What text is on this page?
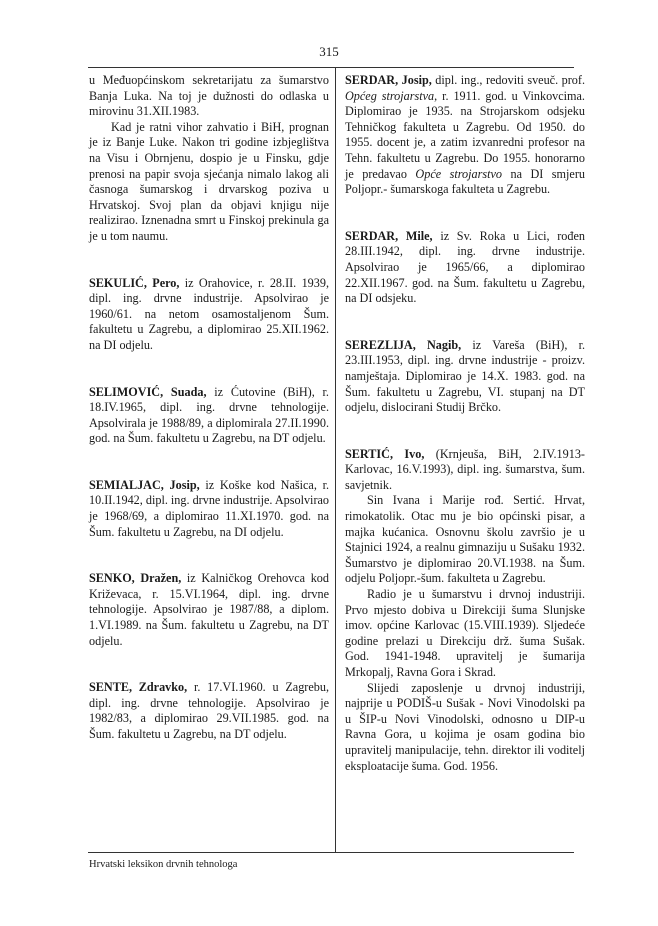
315

u Međuopćinskom sekretarijatu za šumarstvo Banja Luka. Na toj je dužnosti do odlaska u mirovinu 31.XII.1983.

Kad je ratni vihor zahvatio i BiH, prognan je iz Banje Luke. Nakon tri godine izbjeglištva na Visu i Obrnjenu, dospio je u Finsku, gdje prenosi na papir svoja sjećanja nimalo lakog ali časnoga šumarskog i drvarskog poziva u Hrvatskoj. Svoj plan da objavi knjigu nije realizirao. Iznenadna smrt u Finskoj prekinula ga je u tom naumu.

SEKULIĆ, Pero, iz Orahovice, r. 28.II. 1939, dipl. ing. drvne industrije. Apsolvirao je 1960/61. na netom osamostaljenom Šum. fakultetu u Zagrebu, a diplomirao 25.XII.1962. na DI odjelu.

SELIMOVIĆ, Suada, iz Ćutovine (BiH), r. 18.IV.1965, dipl. ing. drvne tehnologije. Apsolvirala je 1988/89, a diplomirala 27.II.1990. god. na Šum. fakultetu u Zagrebu, na DT odjelu.

SEMIALJAC, Josip, iz Koške kod Našica, r. 10.II.1942, dipl. ing. drvne industrije. Apsolvirao je 1968/69, a diplomirao 11.XI.1970. god. na Šum. fakultetu u Zagrebu, na DI odjelu.

SENKO, Dražen, iz Kalničkog Orehovca kod Križevaca, r. 15.VI.1964, dipl. ing. drvne tehnologije. Apsolvirao je 1987/88, a diplom. 1.VI.1989. na Šum. fakultetu u Zagrebu, na DT odjelu.

SENTE, Zdravko, r. 17.VI.1960. u Zagrebu, dipl. ing. drvne tehnologije. Apsolvirao je 1982/83, a diplomirao 29.VII.1985. god. na Šum. fakultetu u Zagrebu, na DT odjelu.

SERDAR, Josip, dipl. ing., redoviti sveuč. prof. Općeg strojarstva, r. 1911. god. u Vinkovcima. Diplomirao je 1935. na Strojarskom odsjeku Tehničkog fakulteta u Zagrebu. Od 1950. do 1955. docent je, a zatim izvanredni profesor na Tehn. fakultetu u Zagrebu. Do 1955. honorarno je predavao Opće strojarstvo na DI smjeru Poljopr.- šumarskoga fakulteta u Zagrebu.

SERDAR, Mile, iz Sv. Roka u Lici, rođen 28.III.1942, dipl. ing. drvne industrije. Apsolvirao je 1965/66, a diplomirao 22.XII.1967. god. na Šum. fakultetu u Zagrebu, na DI odsjeku.

SEREZLIJA, Nagib, iz Vareša (BiH), r. 23.III.1953, dipl. ing. drvne industrije - proizv. namještaja. Diplomirao je 14.X. 1983. god. na Šum. fakultetu u Zagrebu, VI. stupanj na DT odjelu, dislocirani Studij Brčko.

SERTIĆ, Ivo, (Krnjeuša, BiH, 2.IV.1913-Karlovac, 16.V.1993), dipl. ing. šumarstva, šum. savjetnik.

Sin Ivana i Marije rođ. Sertić. Hrvat, rimokatolik. Otac mu je bio općinski pisar, a majka kućanica. Osnovnu školu završio je u Stajnici 1924, a realnu gimnaziju u Sušaku 1932. Šumarstvo je diplomirao 20.VI.1938. na Šum. odjelu Poljopr.-šum. fakulteta u Zagrebu.

Radio je u šumarstvu i drvnoj industriji. Prvo mjesto dobiva u Direkciji šuma Slunjske imov. općine Karlovac (15.VIII.1939). Sljedeće godine prelazi u Direkciju drž. šuma Sušak. God. 1941-1948. upravitelj je šumarija Mrkopalj, Ravna Gora i Skrad.

Slijedi zaposlenje u drvnoj industriji, najprije u PODIŠ-u Sušak - Novi Vinodolski pa u ŠIP-u Novi Vinodolski, odnosno u DIP-u Ravna Gora, u kojima je osam godina bio upravitelj manipulacije, tehn. direktor ili voditelj eksploatacije šuma. God. 1956.

Hrvatski leksikon drvnih tehnologa
